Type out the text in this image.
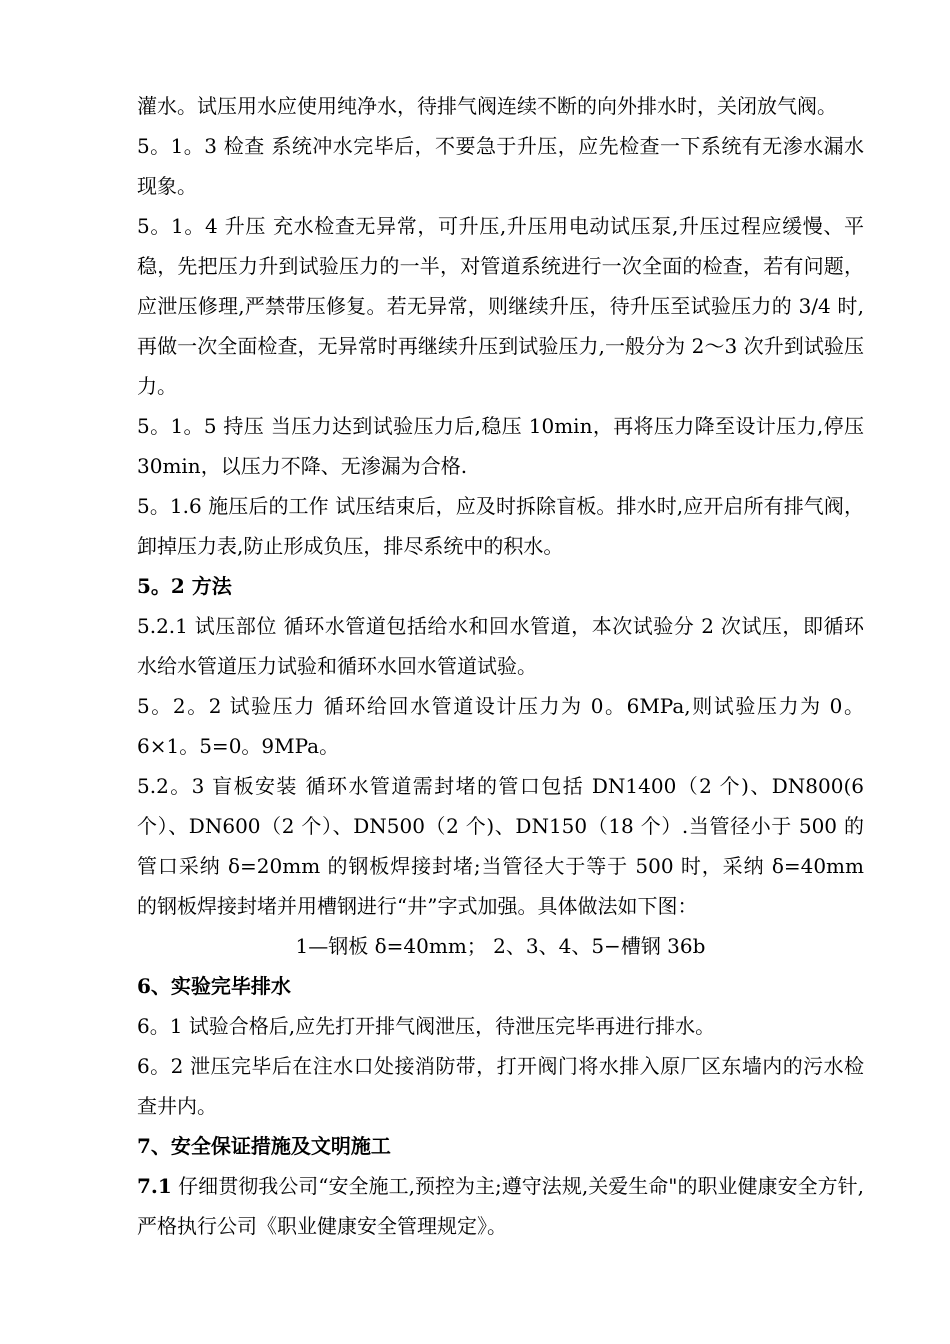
灌水。试压用水应使用纯净水，待排气阀连续不断的向外排水时，关闭放气阀。

5。1。3 检查 系统冲水完毕后，不要急于升压，应先检查一下系统有无渗水漏水现象。

5。1。4 升压 充水检查无异常，可升压,升压用电动试压泵,升压过程应缓慢、平稳，先把压力升到试验压力的一半，对管道系统进行一次全面的检查，若有问题，应泄压修理,严禁带压修复。若无异常，则继续升压，待升压至试验压力的 3/4 时,再做一次全面检查，无异常时再继续升压到试验压力,一般分为 2～3 次升到试验压力。

5。1。5 持压 当压力达到试验压力后,稳压 10min，再将压力降至设计压力,停压 30min，以压力不降、无渗漏为合格.

5。1.6 施压后的工作 试压结束后，应及时拆除盲板。排水时,应开启所有排气阀，卸掉压力表,防止形成负压，排尽系统中的积水。

5。2 方法

5.2.1 试压部位 循环水管道包括给水和回水管道，本次试验分 2 次试压，即循环水给水管道压力试验和循环水回水管道试验。

5。2。2 试验压力 循环给回水管道设计压力为 0。6MPa,则试验压力为 0。6×1。5=0。9MPa。

5.2。3 盲板安装 循环水管道需封堵的管口包括 DN1400（2 个)、DN800(6 个）、DN600（2 个）、DN500（2 个)、DN150（18 个）.当管径小于 500 的管口采纳 δ=20mm 的钢板焊接封堵;当管径大于等于 500 时，采纳 δ=40mm 的钢板焊接封堵并用槽钢进行“井”字式加强。具体做法如下图：

1—钢板 δ=40mm； 2、3、4、5−槽钢 36b

6、实验完毕排水

6。1 试验合格后,应先打开排气阀泄压，待泄压完毕再进行排水。

6。2 泄压完毕后在注水口处接消防带，打开阀门将水排入原厂区东墙内的污水检查井内。

7、安全保证措施及文明施工

7.1 仔细贯彻我公司“安全施工,预控为主;遵守法规,关爱生命"的职业健康安全方针,严格执行公司《职业健康安全管理规定》。
